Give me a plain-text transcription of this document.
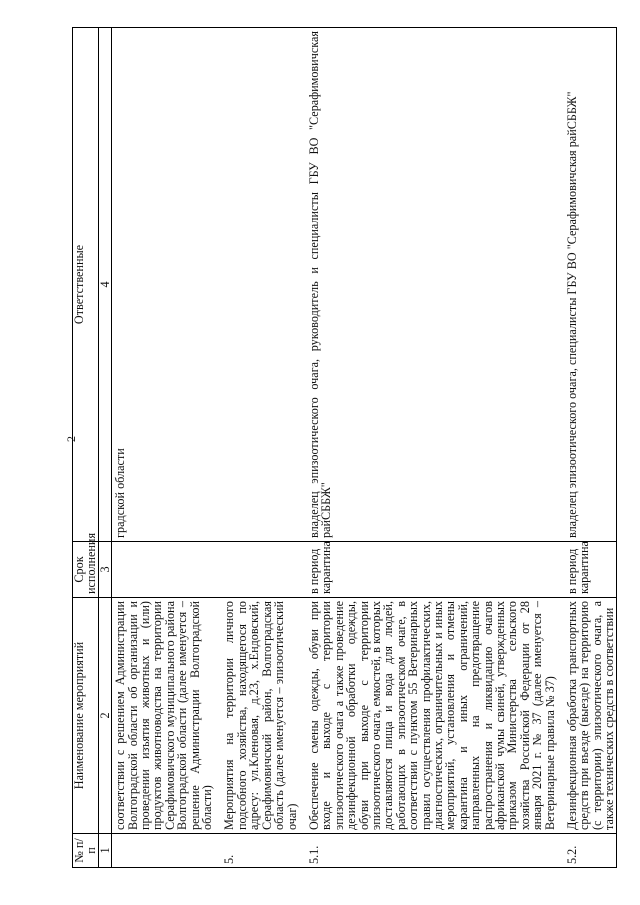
2
№ п/п	Наименование мероприятий	Срок исполнения	Ответственные
1	2	3	4
	соответствии с решением Администрации Волгоградской области об организации и проведении изъятия животных и (или) продуктов животноводства на территории Серафимовичского муниципального района Волгоградской области (далее именуется – решение Администрации Волгоградской области)		градской области

5.	Мероприятия на территории личного подсобного хозяйства, находящегося по адресу: ул.Кленовая, д.23, х.Ендовский, Серафимовичский район, Волгоградская область (далее именуется – эпизоотический очаг)		

5.1.	Обеспечение смены одежды, обуви при входе и выходе с территории эпизоотического очага а также проведение дезинфекционной обработки одежды, обуви при выходе с территории эпизоотического очага, емкостей, в которых доставляются пища и вода для людей, работающих в эпизоотическом очаге, в соответствии с пунктом 55 Ветеринарных правил осуществления профилактических, диагностических, ограничительных и иных мероприятий, установления и отмены карантина и иных ограничений, направленных на предотвращение распространения и ликвидацию очагов африканской чумы свиней, утвержденных приказом Министерства сельского хозяйства Российской Федерации от 28 января 2021 г. № 37 (далее именуется – Ветеринарные правила № 37)	в период карантина	владелец эпизоотического очага, руководитель и специалисты ГБУ ВО "Серафимовичская райСББЖ"

5.2.	Дезинфекционная обработка транспортных средств при въезде (выезде) на территорию (с территории) эпизоотического очага, а также технических средств в соответствии	в период карантина	владелец эпизоотического очага, специалисты ГБУ ВО "Серафимовичская райСББЖ"
